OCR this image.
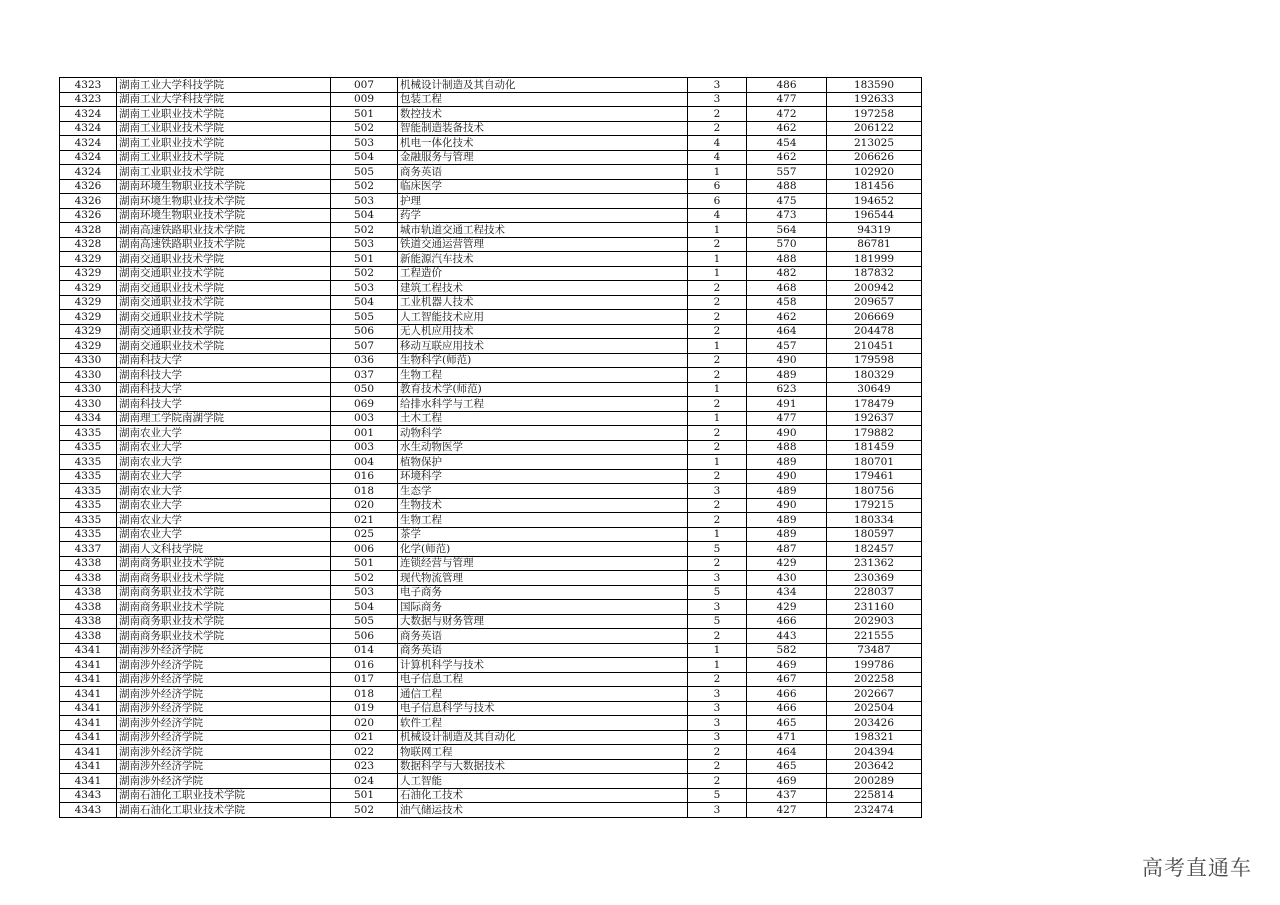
4323	湖南工业大学科技学院	007	机械设计制造及其自动化	3	486	183590
4323	湖南工业大学科技学院	009	包装工程	3	477	192633
4324	湖南工业职业技术学院	501	数控技术	2	472	197258
4324	湖南工业职业技术学院	502	智能制造装备技术	2	462	206122
4324	湖南工业职业技术学院	503	机电一体化技术	4	454	213025
4324	湖南工业职业技术学院	504	金融服务与管理	4	462	206626
4324	湖南工业职业技术学院	505	商务英语	1	557	102920
4326	湖南环境生物职业技术学院	502	临床医学	6	488	181456
4326	湖南环境生物职业技术学院	503	护理	6	475	194652
4326	湖南环境生物职业技术学院	504	药学	4	473	196544
4328	湖南高速铁路职业技术学院	502	城市轨道交通工程技术	1	564	94319
4328	湖南高速铁路职业技术学院	503	铁道交通运营管理	2	570	86781
4329	湖南交通职业技术学院	501	新能源汽车技术	1	488	181999
4329	湖南交通职业技术学院	502	工程造价	1	482	187832
4329	湖南交通职业技术学院	503	建筑工程技术	2	468	200942
4329	湖南交通职业技术学院	504	工业机器人技术	2	458	209657
4329	湖南交通职业技术学院	505	人工智能技术应用	2	462	206669
4329	湖南交通职业技术学院	506	无人机应用技术	2	464	204478
4329	湖南交通职业技术学院	507	移动互联应用技术	1	457	210451
4330	湖南科技大学	036	生物科学(师范)	2	490	179598
4330	湖南科技大学	037	生物工程	2	489	180329
4330	湖南科技大学	050	教育技术学(师范)	1	623	30649
4330	湖南科技大学	069	给排水科学与工程	2	491	178479
4334	湖南理工学院南湖学院	003	土木工程	1	477	192637
4335	湖南农业大学	001	动物科学	2	490	179882
4335	湖南农业大学	003	水生动物医学	2	488	181459
4335	湖南农业大学	004	植物保护	1	489	180701
4335	湖南农业大学	016	环境科学	2	490	179461
4335	湖南农业大学	018	生态学	3	489	180756
4335	湖南农业大学	020	生物技术	2	490	179215
4335	湖南农业大学	021	生物工程	2	489	180334
4335	湖南农业大学	025	茶学	1	489	180597
4337	湖南人文科技学院	006	化学(师范)	5	487	182457
4338	湖南商务职业技术学院	501	连锁经营与管理	2	429	231362
4338	湖南商务职业技术学院	502	现代物流管理	3	430	230369
4338	湖南商务职业技术学院	503	电子商务	5	434	228037
4338	湖南商务职业技术学院	504	国际商务	3	429	231160
4338	湖南商务职业技术学院	505	大数据与财务管理	5	466	202903
4338	湖南商务职业技术学院	506	商务英语	2	443	221555
4341	湖南涉外经济学院	014	商务英语	1	582	73487
4341	湖南涉外经济学院	016	计算机科学与技术	1	469	199786
4341	湖南涉外经济学院	017	电子信息工程	2	467	202258
4341	湖南涉外经济学院	018	通信工程	3	466	202667
4341	湖南涉外经济学院	019	电子信息科学与技术	3	466	202504
4341	湖南涉外经济学院	020	软件工程	3	465	203426
4341	湖南涉外经济学院	021	机械设计制造及其自动化	3	471	198321
4341	湖南涉外经济学院	022	物联网工程	2	464	204394
4341	湖南涉外经济学院	023	数据科学与大数据技术	2	465	203642
4341	湖南涉外经济学院	024	人工智能	2	469	200289
4343	湖南石油化工职业技术学院	501	石油化工技术	5	437	225814
4343	湖南石油化工职业技术学院	502	油气储运技术	3	427	232474
高考直通车
